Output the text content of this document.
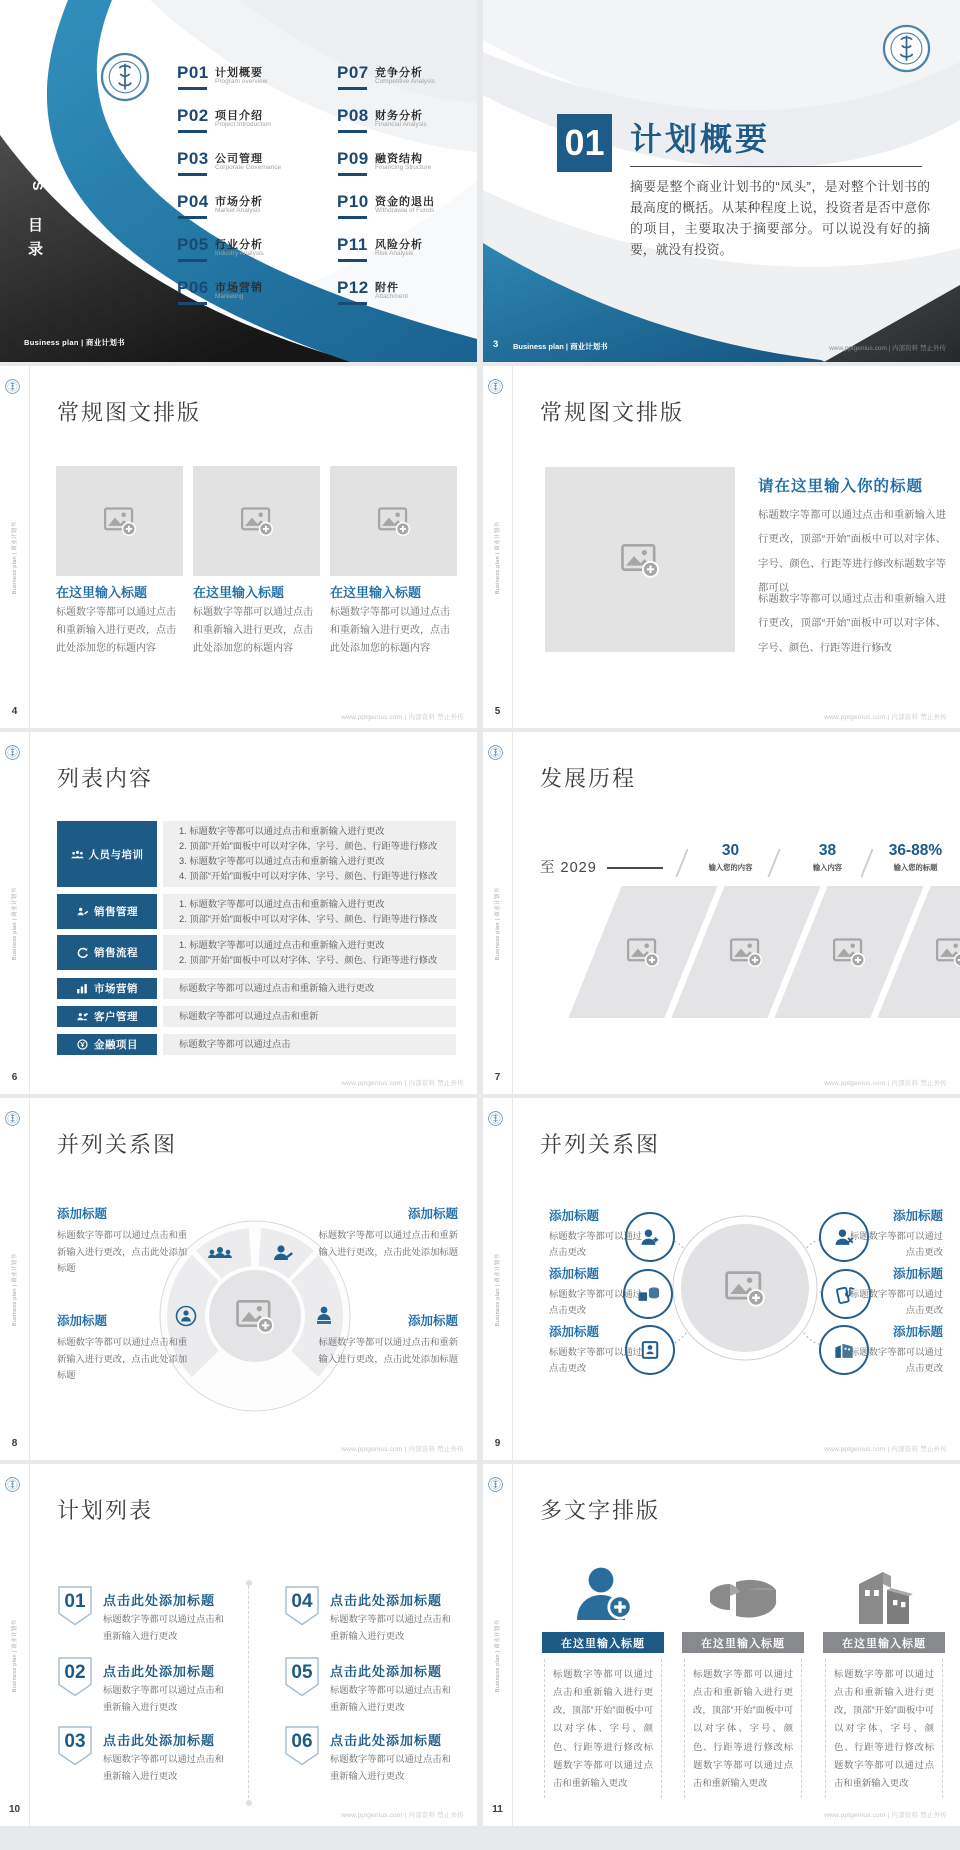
CONTENTS
目录
Business plan | 商业计划书
P01 计划概要
Program overview
P02 项目介绍
Project Introduction
P03 公司管理
Corporate Governance
P04 市场分析
Market Analysis
P05 行业分析
Industry Analysis
P06 市场营销
Marketing
P07 竞争分析
Competitive Analysis
P08 财务分析
Financial Analysis
P09 融资结构
Financing Structure
P10 资金的退出
Withdrawal of Funds
P11 风险分析
Risk Analysis
P12 附件
Attachment
01 计划概要
摘要是整个商业计划书的“凤头”，是对整个计划书的最高度的概括。从某种程度上说，投资者是否中意你的项目，主要取决于摘要部分。可以说没有好的摘要，就没有投资。
3 Business plan | 商业计划书	www.pptgenius.com | 内部资料 禁止外传
Business plan | 商业计划书
4
常规图文排版
在这里输入标题	在这里输入标题	在这里输入标题
标题数字等都可以通过点击和重新输入进行更改，点击此处添加您的标题内容
标题数字等都可以通过点击和重新输入进行更改，点击此处添加您的标题内容
标题数字等都可以通过点击和重新输入进行更改，点击此处添加您的标题内容
www.pptgenius.com | 内部资料 禁止外传
Business plan | 商业计划书
5
常规图文排版
请在这里输入你的标题
标题数字等都可以通过点击和重新输入进行更改，顶部“开始”面板中可以对字体、字号、颜色、行距等进行修改标题数字等都可以
标题数字等都可以通过点击和重新输入进行更改，顶部“开始”面板中可以对字体、字号、颜色、行距等进行修改
www.pptgenius.com | 内部资料 禁止外传
Business plan | 商业计划书
6
列表内容
人员与培训
1. 标题数字等都可以通过点击和重新输入进行更改
2. 顶部“开始”面板中可以对字体、字号、颜色、行距等进行修改
3. 标题数字等都可以通过点击和重新输入进行更改
4. 顶部“开始”面板中可以对字体、字号、颜色、行距等进行修改
销售管理
1. 标题数字等都可以通过点击和重新输入进行更改
2. 顶部“开始”面板中可以对字体、字号、颜色、行距等进行修改
销售流程
1. 标题数字等都可以通过点击和重新输入进行更改
2. 顶部“开始”面板中可以对字体、字号、颜色、行距等进行修改
市场营销	标题数字等都可以通过点击和重新输入进行更改
客户管理	标题数字等都可以通过点击和重新
金融项目	标题数字等都可以通过点击
www.pptgenius.com | 内部资料 禁止外传
Business plan | 商业计划书
7
发展历程
至 2029
30
输入您的内容
38
输入内容
36-88%
输入您的标题
www.pptgenius.com | 内部资料 禁止外传
Business plan | 商业计划书
8
并列关系图
添加标题
标题数字等都可以通过点击和重新输入进行更改，点击此处添加标题
添加标题
标题数字等都可以通过点击和重新输入进行更改，点击此处添加标题
添加标题
标题数字等都可以通过点击和重新输入进行更改，点击此处添加标题
添加标题
标题数字等都可以通过点击和重新输入进行更改，点击此处添加标题
www.pptgenius.com | 内部资料 禁止外传
Business plan | 商业计划书
9
并列关系图
添加标题
标题数字等都可以通过点击更改
添加标题
标题数字等都可以通过点击更改
添加标题
标题数字等都可以通过点击更改
添加标题
标题数字等都可以通过点击更改
添加标题
标题数字等都可以通过点击更改
添加标题
标题数字等都可以通过点击更改
www.pptgenius.com | 内部资料 禁止外传
Business plan | 商业计划书
10
计划列表
01	点击此处添加标题
标题数字等都可以通过点击和重新输入进行更改
02	点击此处添加标题
标题数字等都可以通过点击和重新输入进行更改
03	点击此处添加标题
标题数字等都可以通过点击和重新输入进行更改
04	点击此处添加标题
标题数字等都可以通过点击和重新输入进行更改
05	点击此处添加标题
标题数字等都可以通过点击和重新输入进行更改
06	点击此处添加标题
标题数字等都可以通过点击和重新输入进行更改
www.pptgenius.com | 内部资料 禁止外传
Business plan | 商业计划书
11
多文字排版
在这里输入标题
标题数字等都可以通过点击和重新输入进行更改，顶部“开始”面板中可以对字体、字号、颜色、行距等进行修改标题数字等都可以通过点击和重新输入更改
在这里输入标题
标题数字等都可以通过点击和重新输入进行更改，顶部“开始”面板中可以对字体、字号、颜色、行距等进行修改标题数字等都可以通过点击和重新输入更改
在这里输入标题
标题数字等都可以通过点击和重新输入进行更改，顶部“开始”面板中可以对字体、字号、颜色、行距等进行修改标题数字等都可以通过点击和重新输入更改
www.pptgenius.com | 内部资料 禁止外传
